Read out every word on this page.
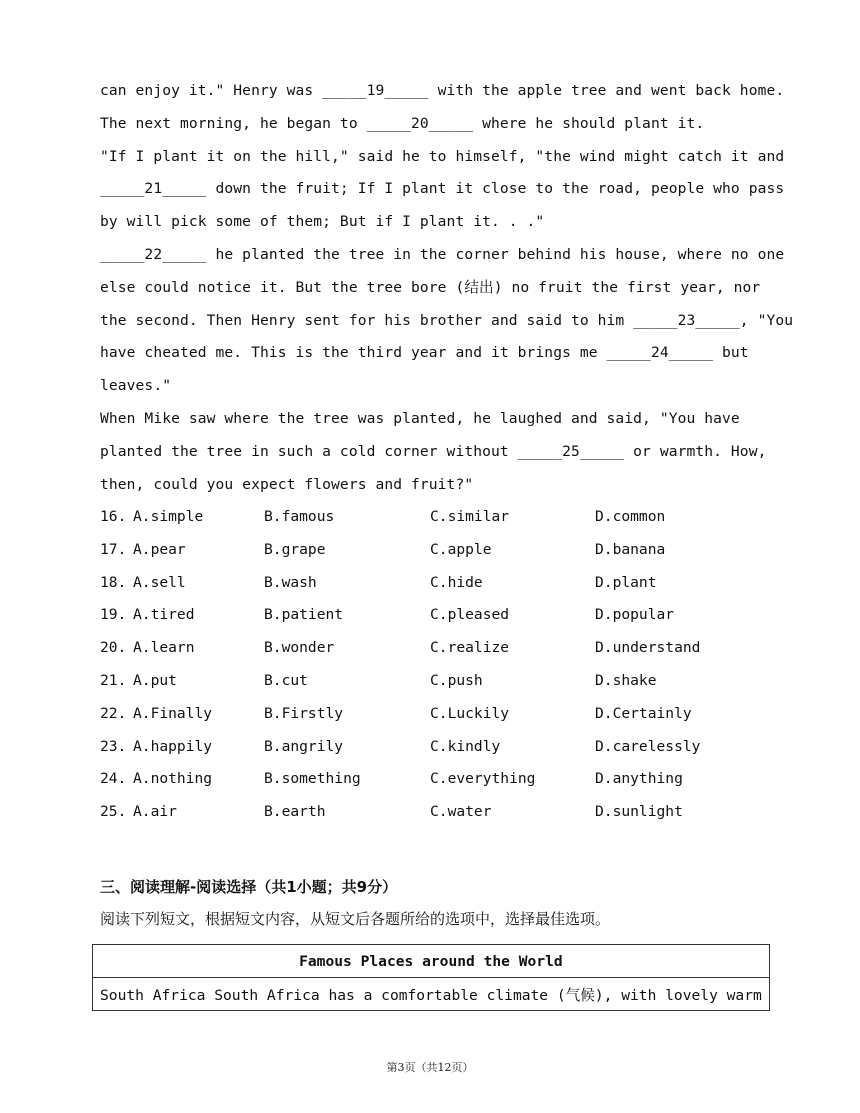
can enjoy it." Henry was _____19_____ with the apple tree and went back home.
The next morning, he began to _____20_____ where he should plant it.
"If I plant it on the hill," said he to himself, "the wind might catch it and
_____21_____ down the fruit; If I plant it close to the road, people who pass
by will pick some of them; But if I plant it. . ."
_____22_____ he planted the tree in the corner behind his house, where no one
else could notice it. But the tree bore (结出) no fruit the first year, nor
the second. Then Henry sent for his brother and said to him _____23_____, "You
have cheated me. This is the third year and it brings me _____24_____ but
leaves."
When Mike saw where the tree was planted, he laughed and said, "You have
planted the tree in such a cold corner without _____25_____ or warmth. How,
then, could you expect flowers and fruit?"
16. A.simple	B.famous	C.similar	D.common
17. A.pear	B.grape	C.apple	D.banana
18. A.sell	B.wash	C.hide	D.plant
19. A.tired	B.patient	C.pleased	D.popular
20. A.learn	B.wonder	C.realize	D.understand
21. A.put	B.cut	C.push	D.shake
22. A.Finally	B.Firstly	C.Luckily	D.Certainly
23. A.happily	B.angrily	C.kindly	D.carelessly
24. A.nothing	B.something	C.everything	D.anything
25. A.air	B.earth	C.water	D.sunlight
三、阅读理解-阅读选择（共1小题；共9分）
阅读下列短文，根据短文内容，从短文后各题所给的选项中，选择最佳选项。
Famous Places around the World
South Africa South Africa has a comfortable climate (气候), with lovely warm
第3页（共12页）
